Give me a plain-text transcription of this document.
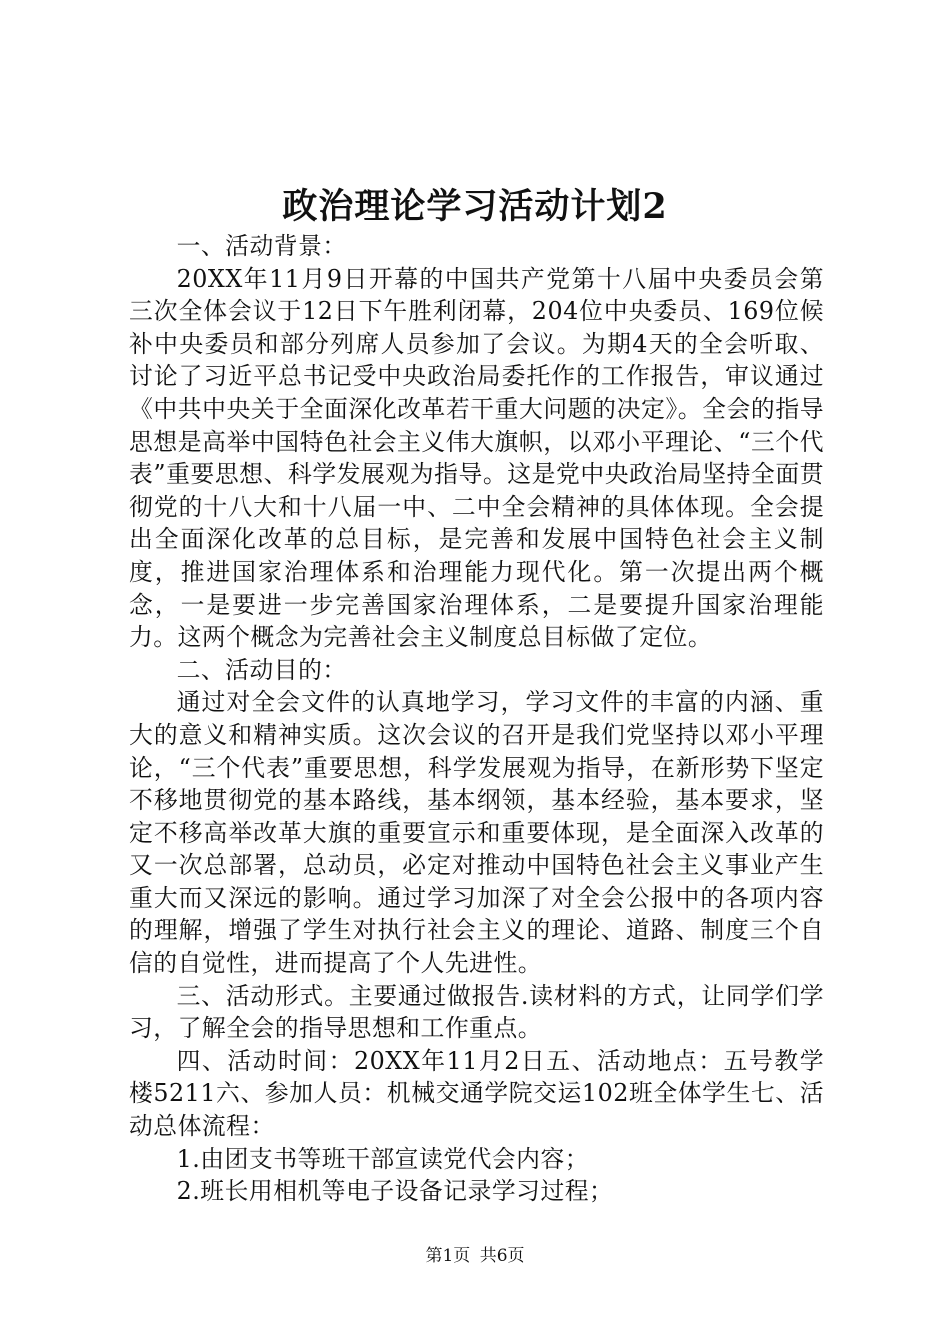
政治理论学习活动计划2

一、活动背景：

20XX年11月9日开幕的中国共产党第十八届中央委员会第三次全体会议于12日下午胜利闭幕，204位中央委员、169位候补中央委员和部分列席人员参加了会议。为期4天的全会听取、讨论了习近平总书记受中央政治局委托作的工作报告，审议通过《中共中央关于全面深化改革若干重大问题的决定》。全会的指导思想是高举中国特色社会主义伟大旗帜，以邓小平理论、“三个代表”重要思想、科学发展观为指导。这是党中央政治局坚持全面贯彻党的十八大和十八届一中、二中全会精神的具体体现。全会提出全面深化改革的总目标，是完善和发展中国特色社会主义制度，推进国家治理体系和治理能力现代化。第一次提出两个概念，一是要进一步完善国家治理体系，二是要提升国家治理能力。这两个概念为完善社会主义制度总目标做了定位。

二、活动目的：

通过对全会文件的认真地学习，学习文件的丰富的内涵、重大的意义和精神实质。这次会议的召开是我们党坚持以邓小平理论，“三个代表”重要思想，科学发展观为指导，在新形势下坚定不移地贯彻党的基本路线，基本纲领，基本经验，基本要求，坚定不移高举改革大旗的重要宣示和重要体现，是全面深入改革的又一次总部署，总动员，必定对推动中国特色社会主义事业产生重大而又深远的影响。通过学习加深了对全会公报中的各项内容的理解，增强了学生对执行社会主义的理论、道路、制度三个自信的自觉性，进而提高了个人先进性。

三、活动形式。主要通过做报告.读材料的方式，让同学们学习，了解全会的指导思想和工作重点。

四、活动时间：20XX年11月2日五、活动地点：五号教学楼5211六、参加人员：机械交通学院交运102班全体学生七、活动总体流程：

1.由团支书等班干部宣读党代会内容；

2.班长用相机等电子设备记录学习过程；

第1页 共6页
